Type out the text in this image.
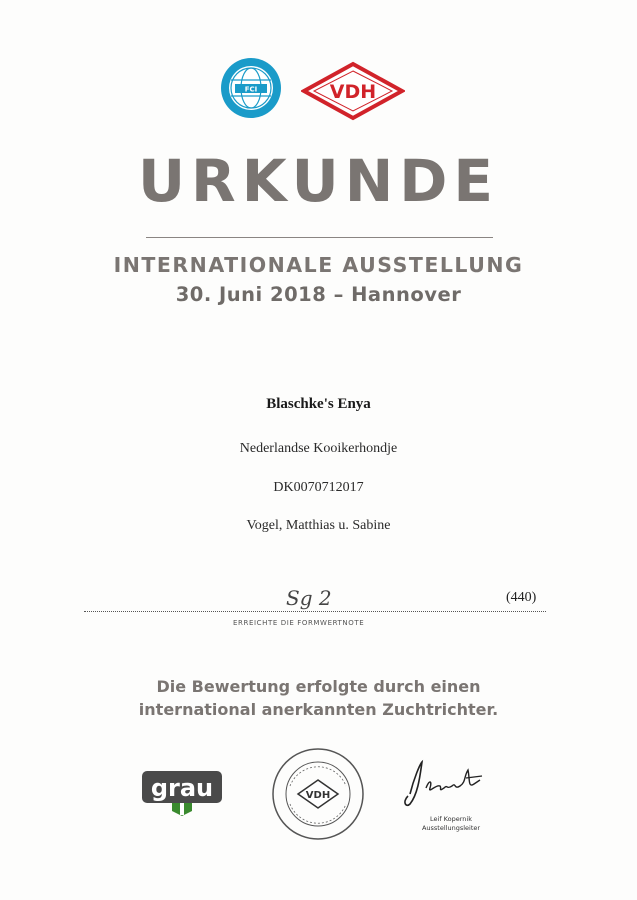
FCI	VDH
URKUNDE
INTERNATIONALE AUSSTELLUNG
30. Juni 2018 – Hannover
Blaschke's Enya
Nederlandse Kooikerhondje
DK0070712017
Vogel, Matthias u. Sabine
Sg 2	(440)
ERREICHTE DIE FORMWERTNOTE
Die Bewertung erfolgte durch einen
international anerkannten Zuchtrichter.
grau	VDH
Leif Kopernik
Ausstellungsleiter
